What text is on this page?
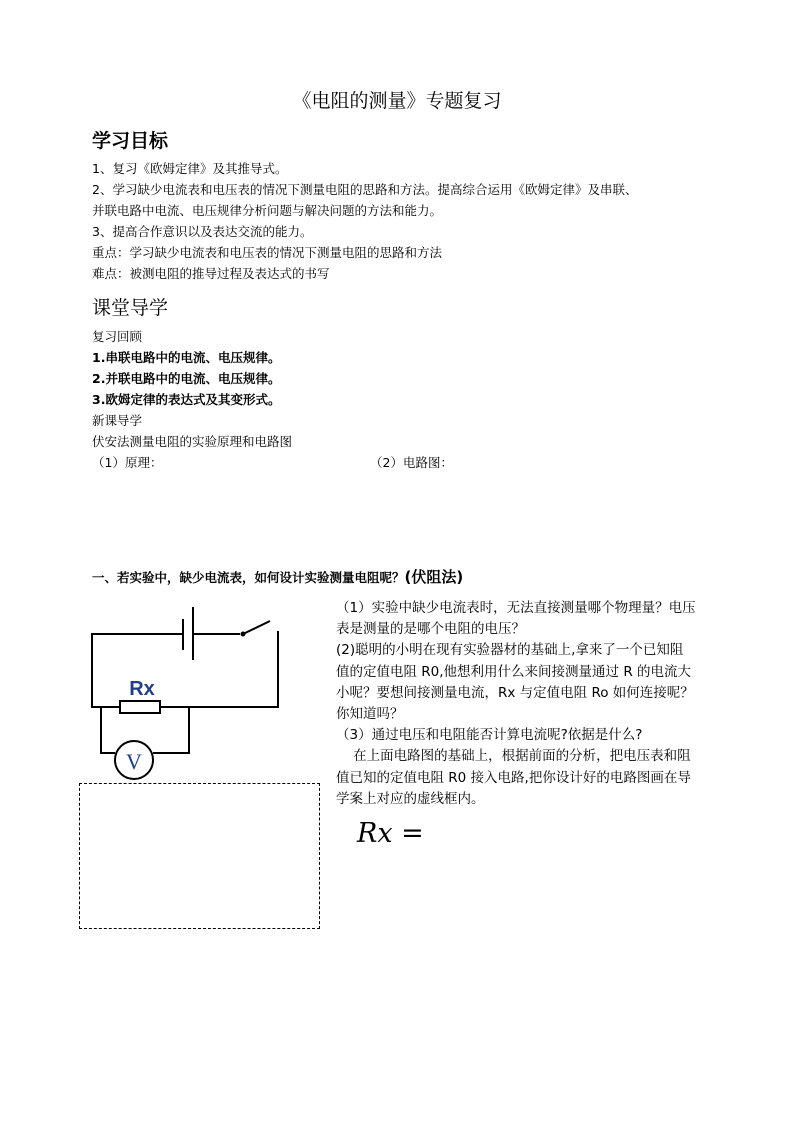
《电阻的测量》专题复习
学习目标
1、复习《欧姆定律》及其推导式。
2、学习缺少电流表和电压表的情况下测量电阻的思路和方法。提高综合运用《欧姆定律》及串联、
并联电路中电流、电压规律分析问题与解决问题的方法和能力。
3、提高合作意识以及表达交流的能力。
重点：学习缺少电流表和电压表的情况下测量电阻的思路和方法
难点：被测电阻的推导过程及表达式的书写
课堂导学
复习回顾
1.串联电路中的电流、电压规律。
2.并联电路中的电流、电压规律。
3.欧姆定律的表达式及其变形式。
新课导学
伏安法测量电阻的实验原理和电路图
（1）原理：	（2）电路图：
一、若实验中，缺少电流表，如何设计实验测量电阻呢？(伏阻法)
（1）实验中缺少电流表时，无法直接测量哪个物理量？电压
表是测量的是哪个电阻的电压？
(2)聪明的小明在现有实验器材的基础上,拿来了一个已知阻
值的定值电阻 R0,他想利用什么来间接测量通过 R 的电流大
小呢？要想间接测量电流，Rx 与定值电阻 Ro 如何连接呢？
你知道吗？
（3）通过电压和电阻能否计算电流呢?依据是什么?
在上面电路图的基础上，根据前面的分析，把电压表和阻
值已知的定值电阻 R0 接入电路,把你设计好的电路图画在导
学案上对应的虚线框内。
Rx =
Rx
V
